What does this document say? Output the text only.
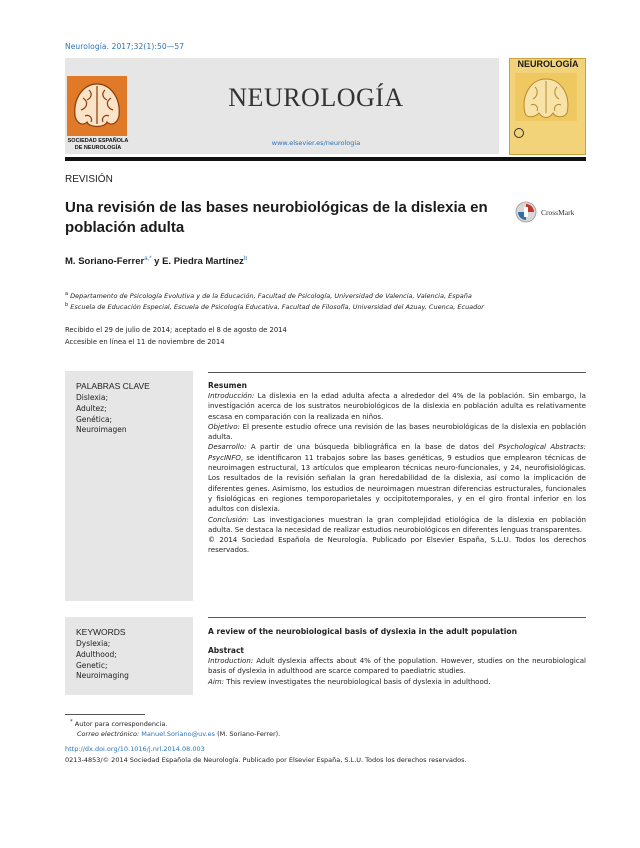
Neurología. 2017;32(1):50—57
SOCIEDAD ESPAÑOLA
DE NEUROLOGÍA
NEUROLOGÍA
www.elsevier.es/neurologia
NEUROLOGÍA
REVISIÓN
Una revisión de las bases neurobiológicas de la dislexia en población adulta
CrossMark
M. Soriano-Ferrer$^{a,*}$ y E. Piedra Martínez$^b$
$^a$ Departamento de Psicología Evolutiva y de la Educación, Facultad de Psicología, Universidad de Valencia, Valencia, España
$^b$ Escuela de Educación Especial, Escuela de Psicología Educativa, Facultad de Filosofía, Universidad del Azuay, Cuenca, Ecuador
Recibido el 29 de julio de 2014; aceptado el 8 de agosto de 2014
Accesible en línea el 11 de noviembre de 2014
PALABRAS CLAVE
Dislexia;
Adultez;
Genética;
Neuroimagen
Resumen

Introducción: La dislexia en la edad adulta afecta a alrededor del 4% de la población. Sin embargo, la investigación acerca de los sustratos neurobiológicos de la dislexia en población adulta es relativamente escasa en comparación con la realizada en niños.

Objetivo: El presente estudio ofrece una revisión de las bases neurobiológicas de la dislexia en población adulta.

Desarrollo: A partir de una búsqueda bibliográfica en la base de datos del Psychological Abstracts: PsycINFO, se identificaron 11 trabajos sobre las bases genéticas, 9 estudios que emplearon técnicas de neuroimagen estructural, 13 artículos que emplearon técnicas neuro-funcionales, y 24, neurofisiológicas. Los resultados de la revisión señalan la gran heredabilidad de la dislexia, así como la implicación de diferentes genes. Asimismo, los estudios de neuroimagen muestran diferencias estructurales, funcionales y fisiológicas en regiones temporoparietales y occipitotemporales, y en el giro frontal inferior en los adultos con dislexia.

Conclusión: Las investigaciones muestran la gran complejidad etiológica de la dislexia en población adulta. Se destaca la necesidad de realizar estudios neurobiológicos en diferentes lenguas transparentes.

© 2014 Sociedad Española de Neurología. Publicado por Elsevier España, S.L.U. Todos los derechos reservados.

KEYWORDS
Dyslexia;
Adulthood;
Genetic;
Neuroimaging
A review of the neurobiological basis of dyslexia in the adult population
Abstract

Introduction: Adult dyslexia affects about 4% of the population. However, studies on the neurobiological basis of dyslexia in adulthood are scarce compared to paediatric studies.

Aim: This review investigates the neurobiological basis of dyslexia in adulthood.

* Autor para correspondencia.
Correo electrónico: Manuel.Soriano@uv.es (M. Soriano-Ferrer).
http://dx.doi.org/10.1016/j.nrl.2014.08.003
0213-4853/© 2014 Sociedad Española de Neurología. Publicado por Elsevier España, S.L.U. Todos los derechos reservados.
